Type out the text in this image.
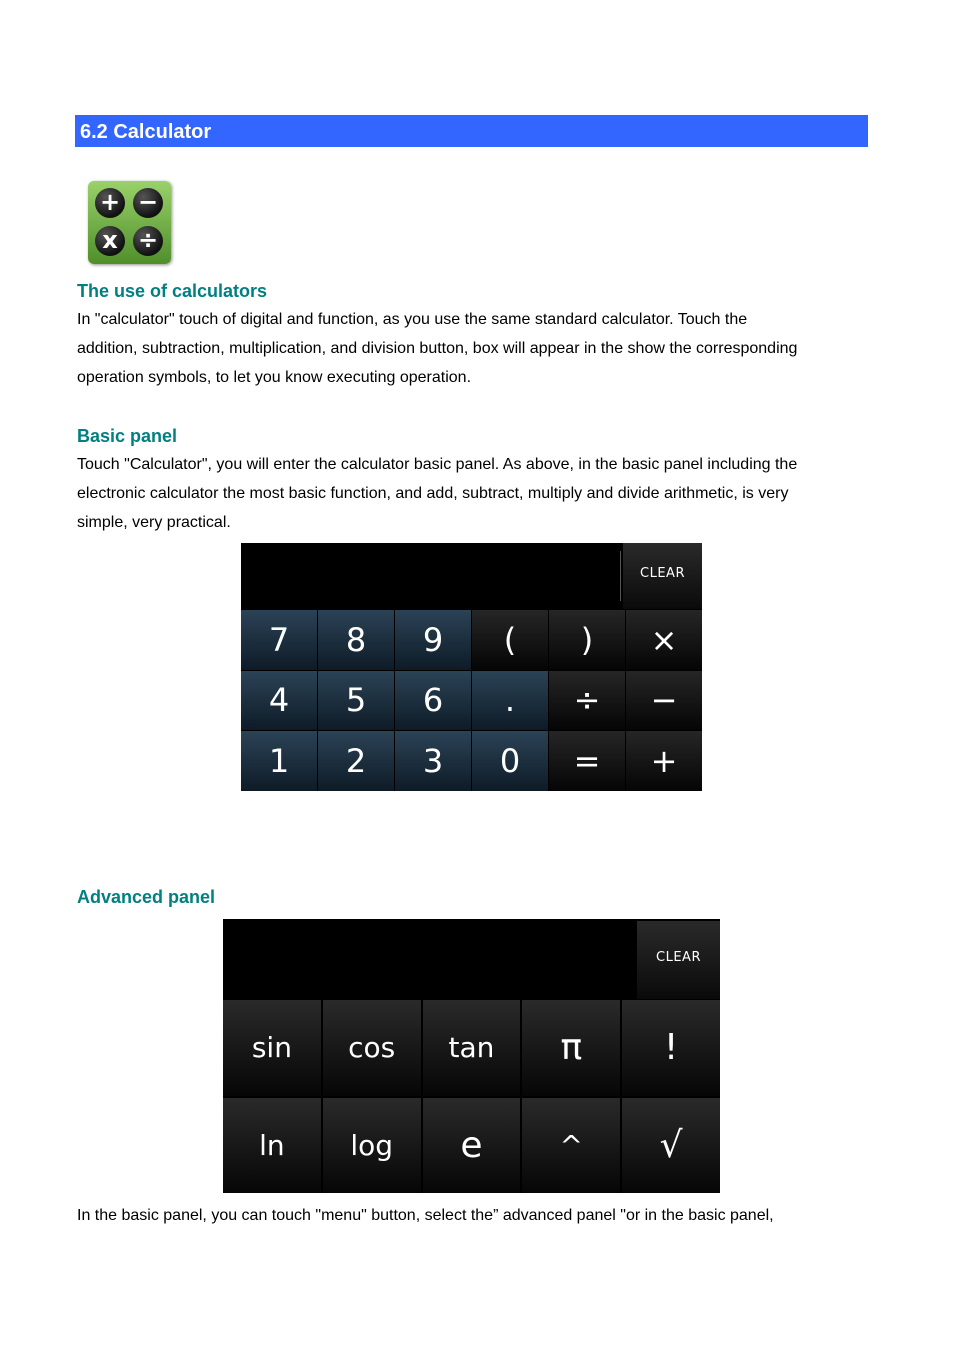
6.2 Calculator
+ −
x ÷
The use of calculators
In "calculator" touch of digital and function, as you use the same standard calculator. Touch the
addition, subtraction, multiplication, and division button, box will appear in the show the corresponding
operation symbols, to let you know executing operation.
Basic panel
Touch "Calculator", you will enter the calculator basic panel. As above, in the basic panel including the
electronic calculator the most basic function, and add, subtract, multiply and divide arithmetic, is very
simple, very practical.
CLEAR
7	8	9	(	)	×
4	5	6	.	÷	−
1	2	3	0	=	+
Advanced panel
CLEAR
sin	cos	tan	π	!
ln	log	e	^	√
In the basic panel, you can touch "menu" button, select the” advanced panel "or in the basic panel,
